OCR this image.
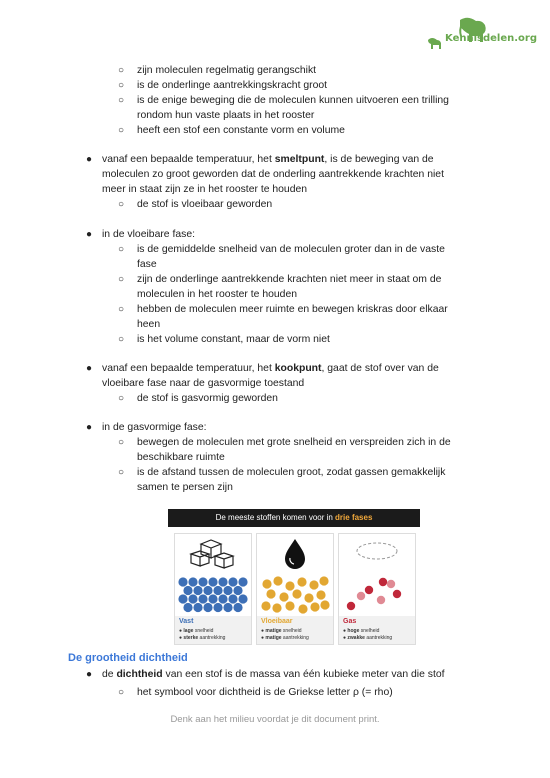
Kennisdelen.org
○ zijn moleculen regelmatig gerangschikt
○ is de onderlinge aantrekkingskracht groot
○ is de enige beweging die de moleculen kunnen uitvoeren een trilling
rondom hun vaste plaats in het rooster
○ heeft een stof een constante vorm en volume
● vanaf een bepaalde temperatuur, het smeltpunt, is de beweging van de
moleculen zo groot geworden dat de onderling aantrekkende krachten niet
meer in staat zijn ze in het rooster te houden
○ de stof is vloeibaar geworden
● in de vloeibare fase:
○ is de gemiddelde snelheid van de moleculen groter dan in de vaste
fase
○ zijn de onderlinge aantrekkende krachten niet meer in staat om de
moleculen in het rooster te houden
○ hebben de moleculen meer ruimte en bewegen kriskras door elkaar
heen
○ is het volume constant, maar de vorm niet
● vanaf een bepaalde temperatuur, het kookpunt, gaat de stof over van de
vloeibare fase naar de gasvormige toestand
○ de stof is gasvormig geworden
● in de gasvormige fase:
○ bewegen de moleculen met grote snelheid en verspreiden zich in de
beschikbare ruimte
○ is de afstand tussen de moleculen groot, zodat gassen gemakkelijk
samen te persen zijn
De meeste stoffen komen voor in drie fases
Vast
● lage snelheid
● sterke aantrekking
Vloeibaar
● matige snelheid
● matige aantrekking
Gas
● hoge snelheid
● zwakke aantrekking
De grootheid dichtheid
● de dichtheid van een stof is de massa van één kubieke meter van die stof
○ het symbool voor dichtheid is de Griekse letter ρ (= rho)
Denk aan het milieu voordat je dit document print.
